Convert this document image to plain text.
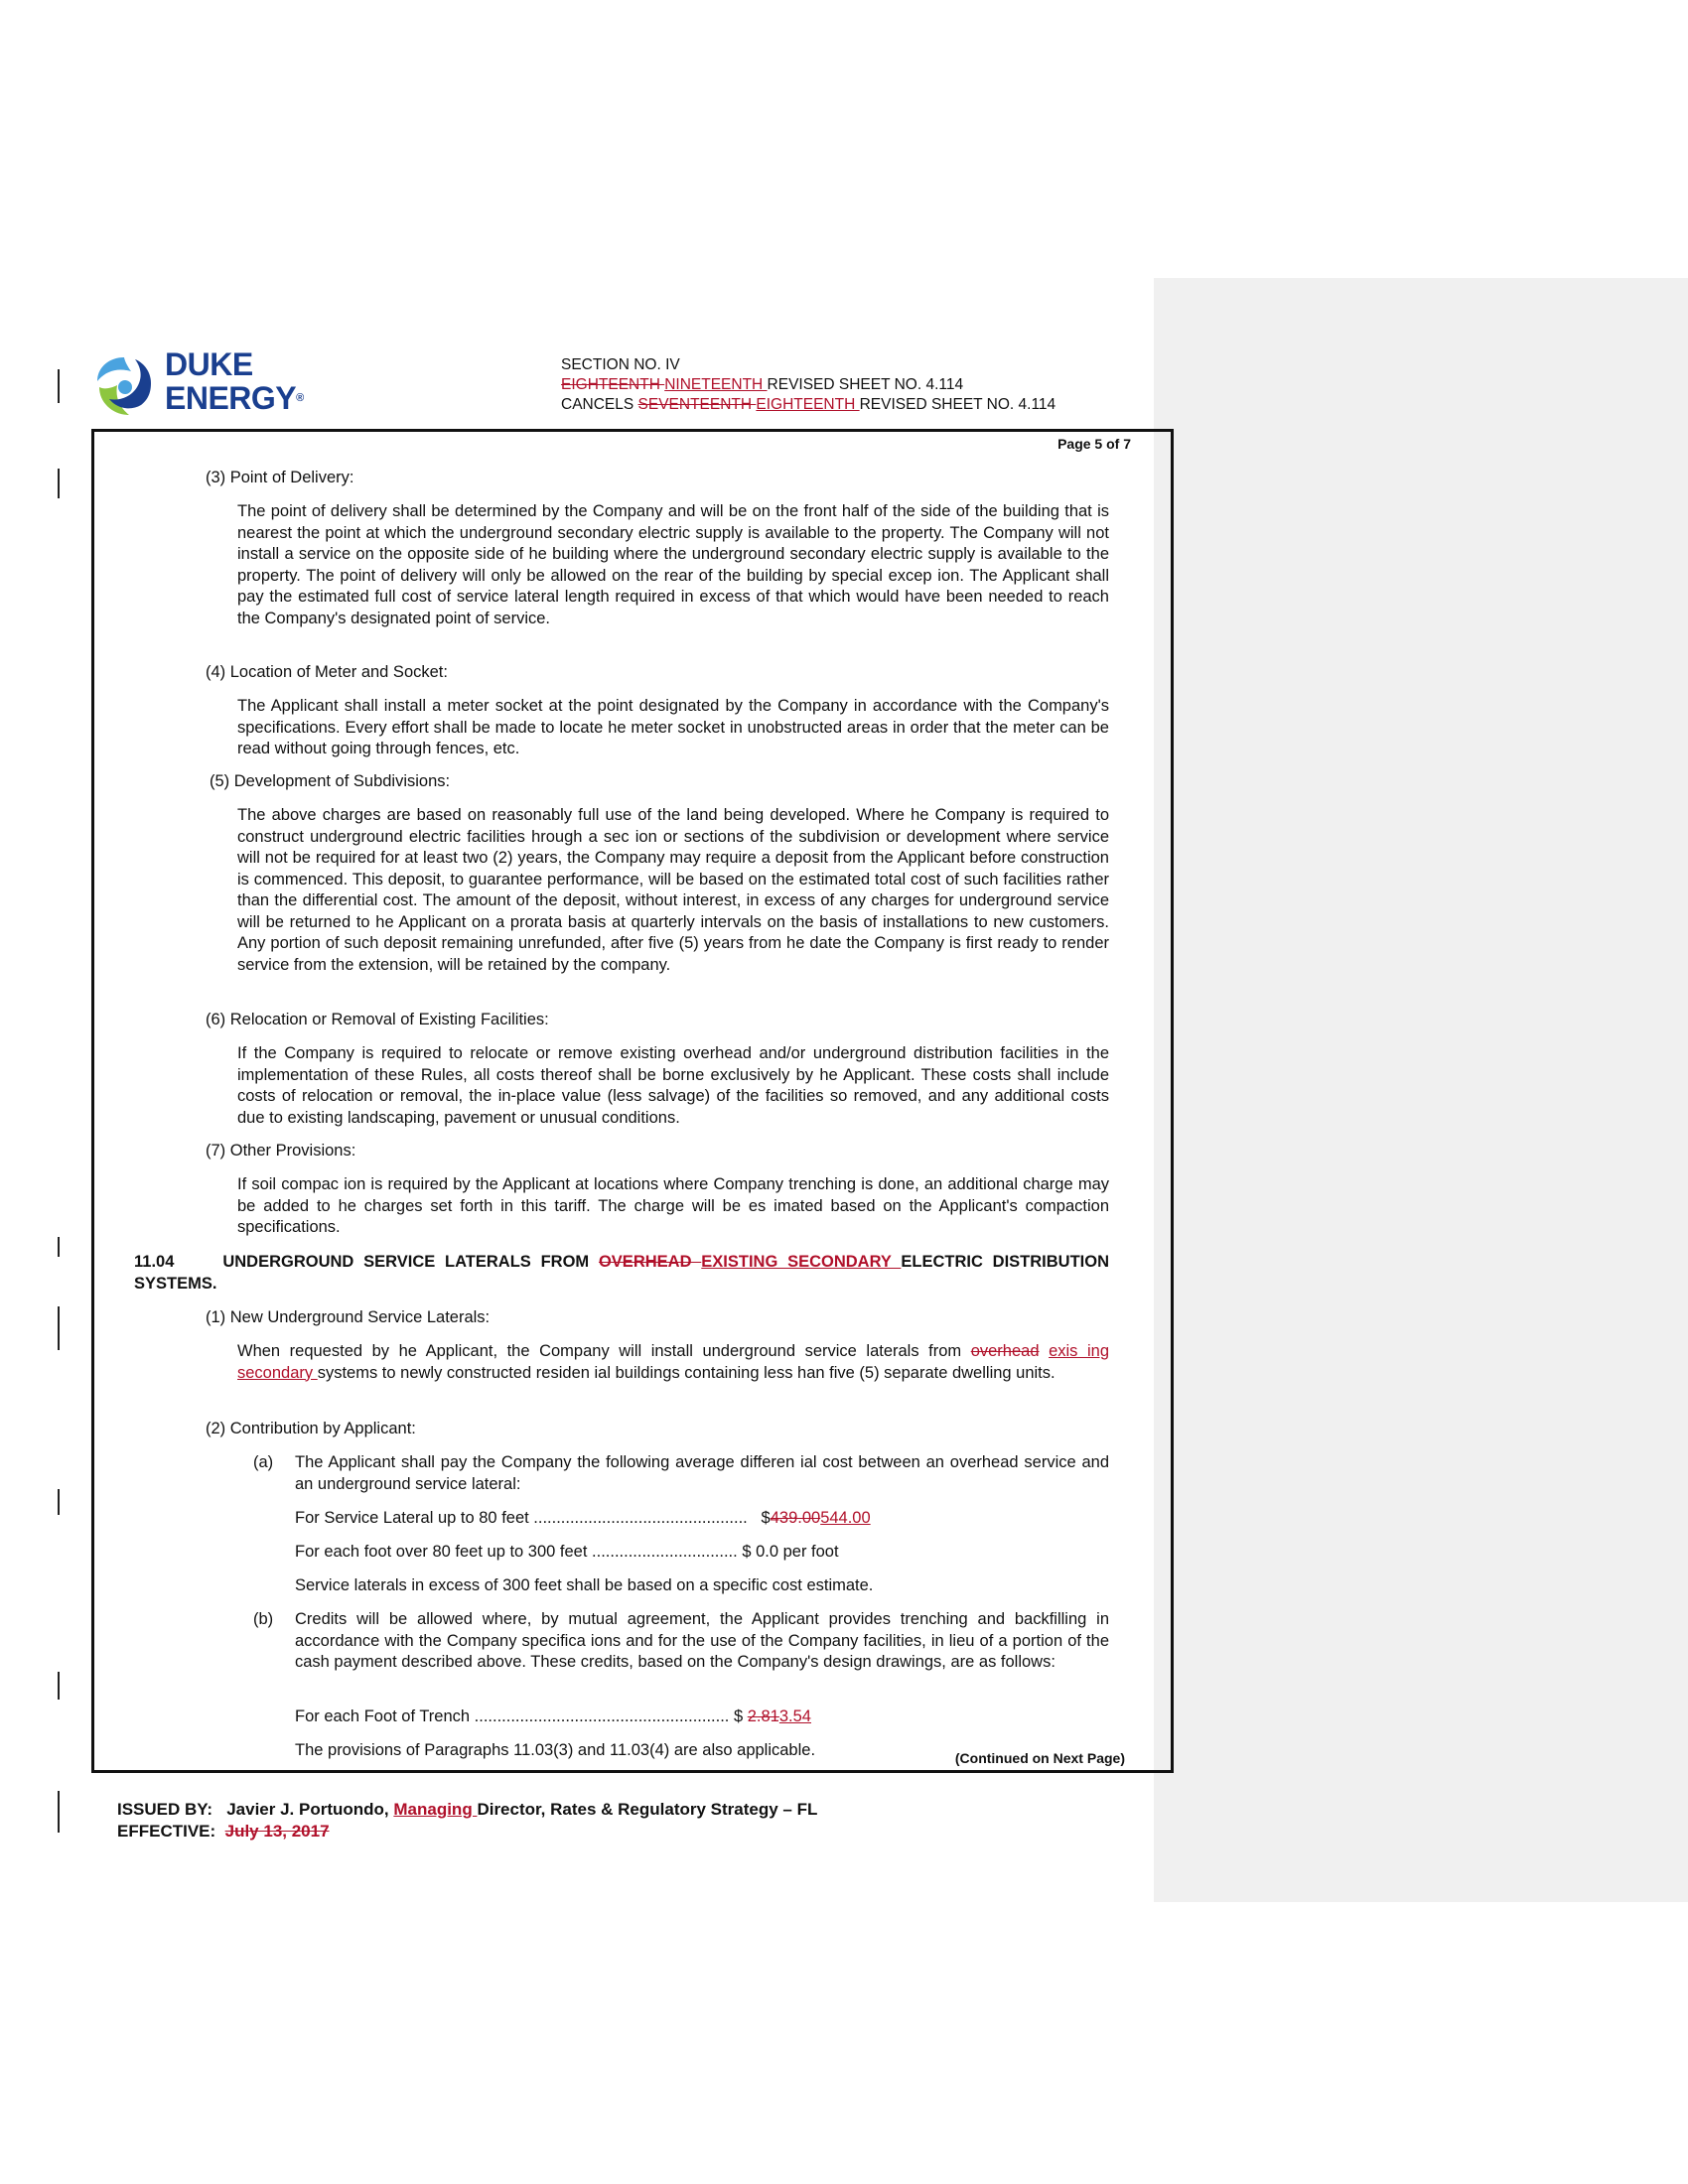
DUKE
ENERGY®
SECTION NO. IV
EIGHTEENTH NINETEENTH REVISED SHEET NO. 4.114
CANCELS SEVENTEENTH EIGHTEENTH REVISED SHEET NO. 4.114
Page 5 of 7
(3) Point of Delivery:
The point of delivery shall be determined by the Company and will be on the front half of the side of the building that is nearest the point at which the underground secondary electric supply is available to the property. The Company will not install a service on the opposite side of he building where the underground secondary electric supply is available to the property. The point of delivery will only be allowed on the rear of the building by special excep ion. The Applicant shall pay the estimated full cost of service lateral length required in excess of that which would have been needed to reach the Company's designated point of service.
(4) Location of Meter and Socket:
The Applicant shall install a meter socket at the point designated by the Company in accordance with the Company's specifications. Every effort shall be made to locate he meter socket in unobstructed areas in order that the meter can be read without going through fences, etc.
(5) Development of Subdivisions:
The above charges are based on reasonably full use of the land being developed. Where he Company is required to construct underground electric facilities hrough a sec ion or sections of the subdivision or development where service will not be required for at least two (2) years, the Company may require a deposit from the Applicant before construction is commenced. This deposit, to guarantee performance, will be based on the estimated total cost of such facilities rather than the differential cost. The amount of the deposit, without interest, in excess of any charges for underground service will be returned to he Applicant on a prorata basis at quarterly intervals on the basis of installations to new customers. Any portion of such deposit remaining unrefunded, after five (5) years from he date the Company is first ready to render service from the extension, will be retained by the company.
(6) Relocation or Removal of Existing Facilities:
If the Company is required to relocate or remove existing overhead and/or underground distribution facilities in the implementation of these Rules, all costs thereof shall be borne exclusively by he Applicant. These costs shall include costs of relocation or removal, the in-place value (less salvage) of the facilities so removed, and any additional costs due to existing landscaping, pavement or unusual conditions.
(7) Other Provisions:
If soil compac ion is required by the Applicant at locations where Company trenching is done, an additional charge may be added to he charges set forth in this tariff. The charge will be es imated based on the Applicant's compaction specifications.
11.04	UNDERGROUND SERVICE LATERALS FROM OVERHEAD EXISTING SECONDARY ELECTRIC DISTRIBUTION SYSTEMS.
(1) New Underground Service Laterals:
When requested by he Applicant, the Company will install underground service laterals from overhead exis ing secondary systems to newly constructed residen ial buildings containing less han five (5) separate dwelling units.
(2) Contribution by Applicant:
(a) The Applicant shall pay the Company the following average differen ial cost between an overhead service and an underground service lateral:
For Service Lateral up to 80 feet ............................................... $439.00544.00
For each foot over 80 feet up to 300 feet ................................ $ 0.0 per foot
Service laterals in excess of 300 feet shall be based on a specific cost estimate.
(b) Credits will be allowed where, by mutual agreement, the Applicant provides trenching and backfilling in accordance with the Company specifica ions and for the use of the Company facilities, in lieu of a portion of the cash payment described above. These credits, based on the Company's design drawings, are as follows:
For each Foot of Trench ........................................................ $ 2.813.54
The provisions of Paragraphs 11.03(3) and 11.03(4) are also applicable.	(Continued on Next Page)
ISSUED BY: Javier J. Portuondo, Managing Director, Rates & Regulatory Strategy – FL
EFFECTIVE: July 13, 2017
